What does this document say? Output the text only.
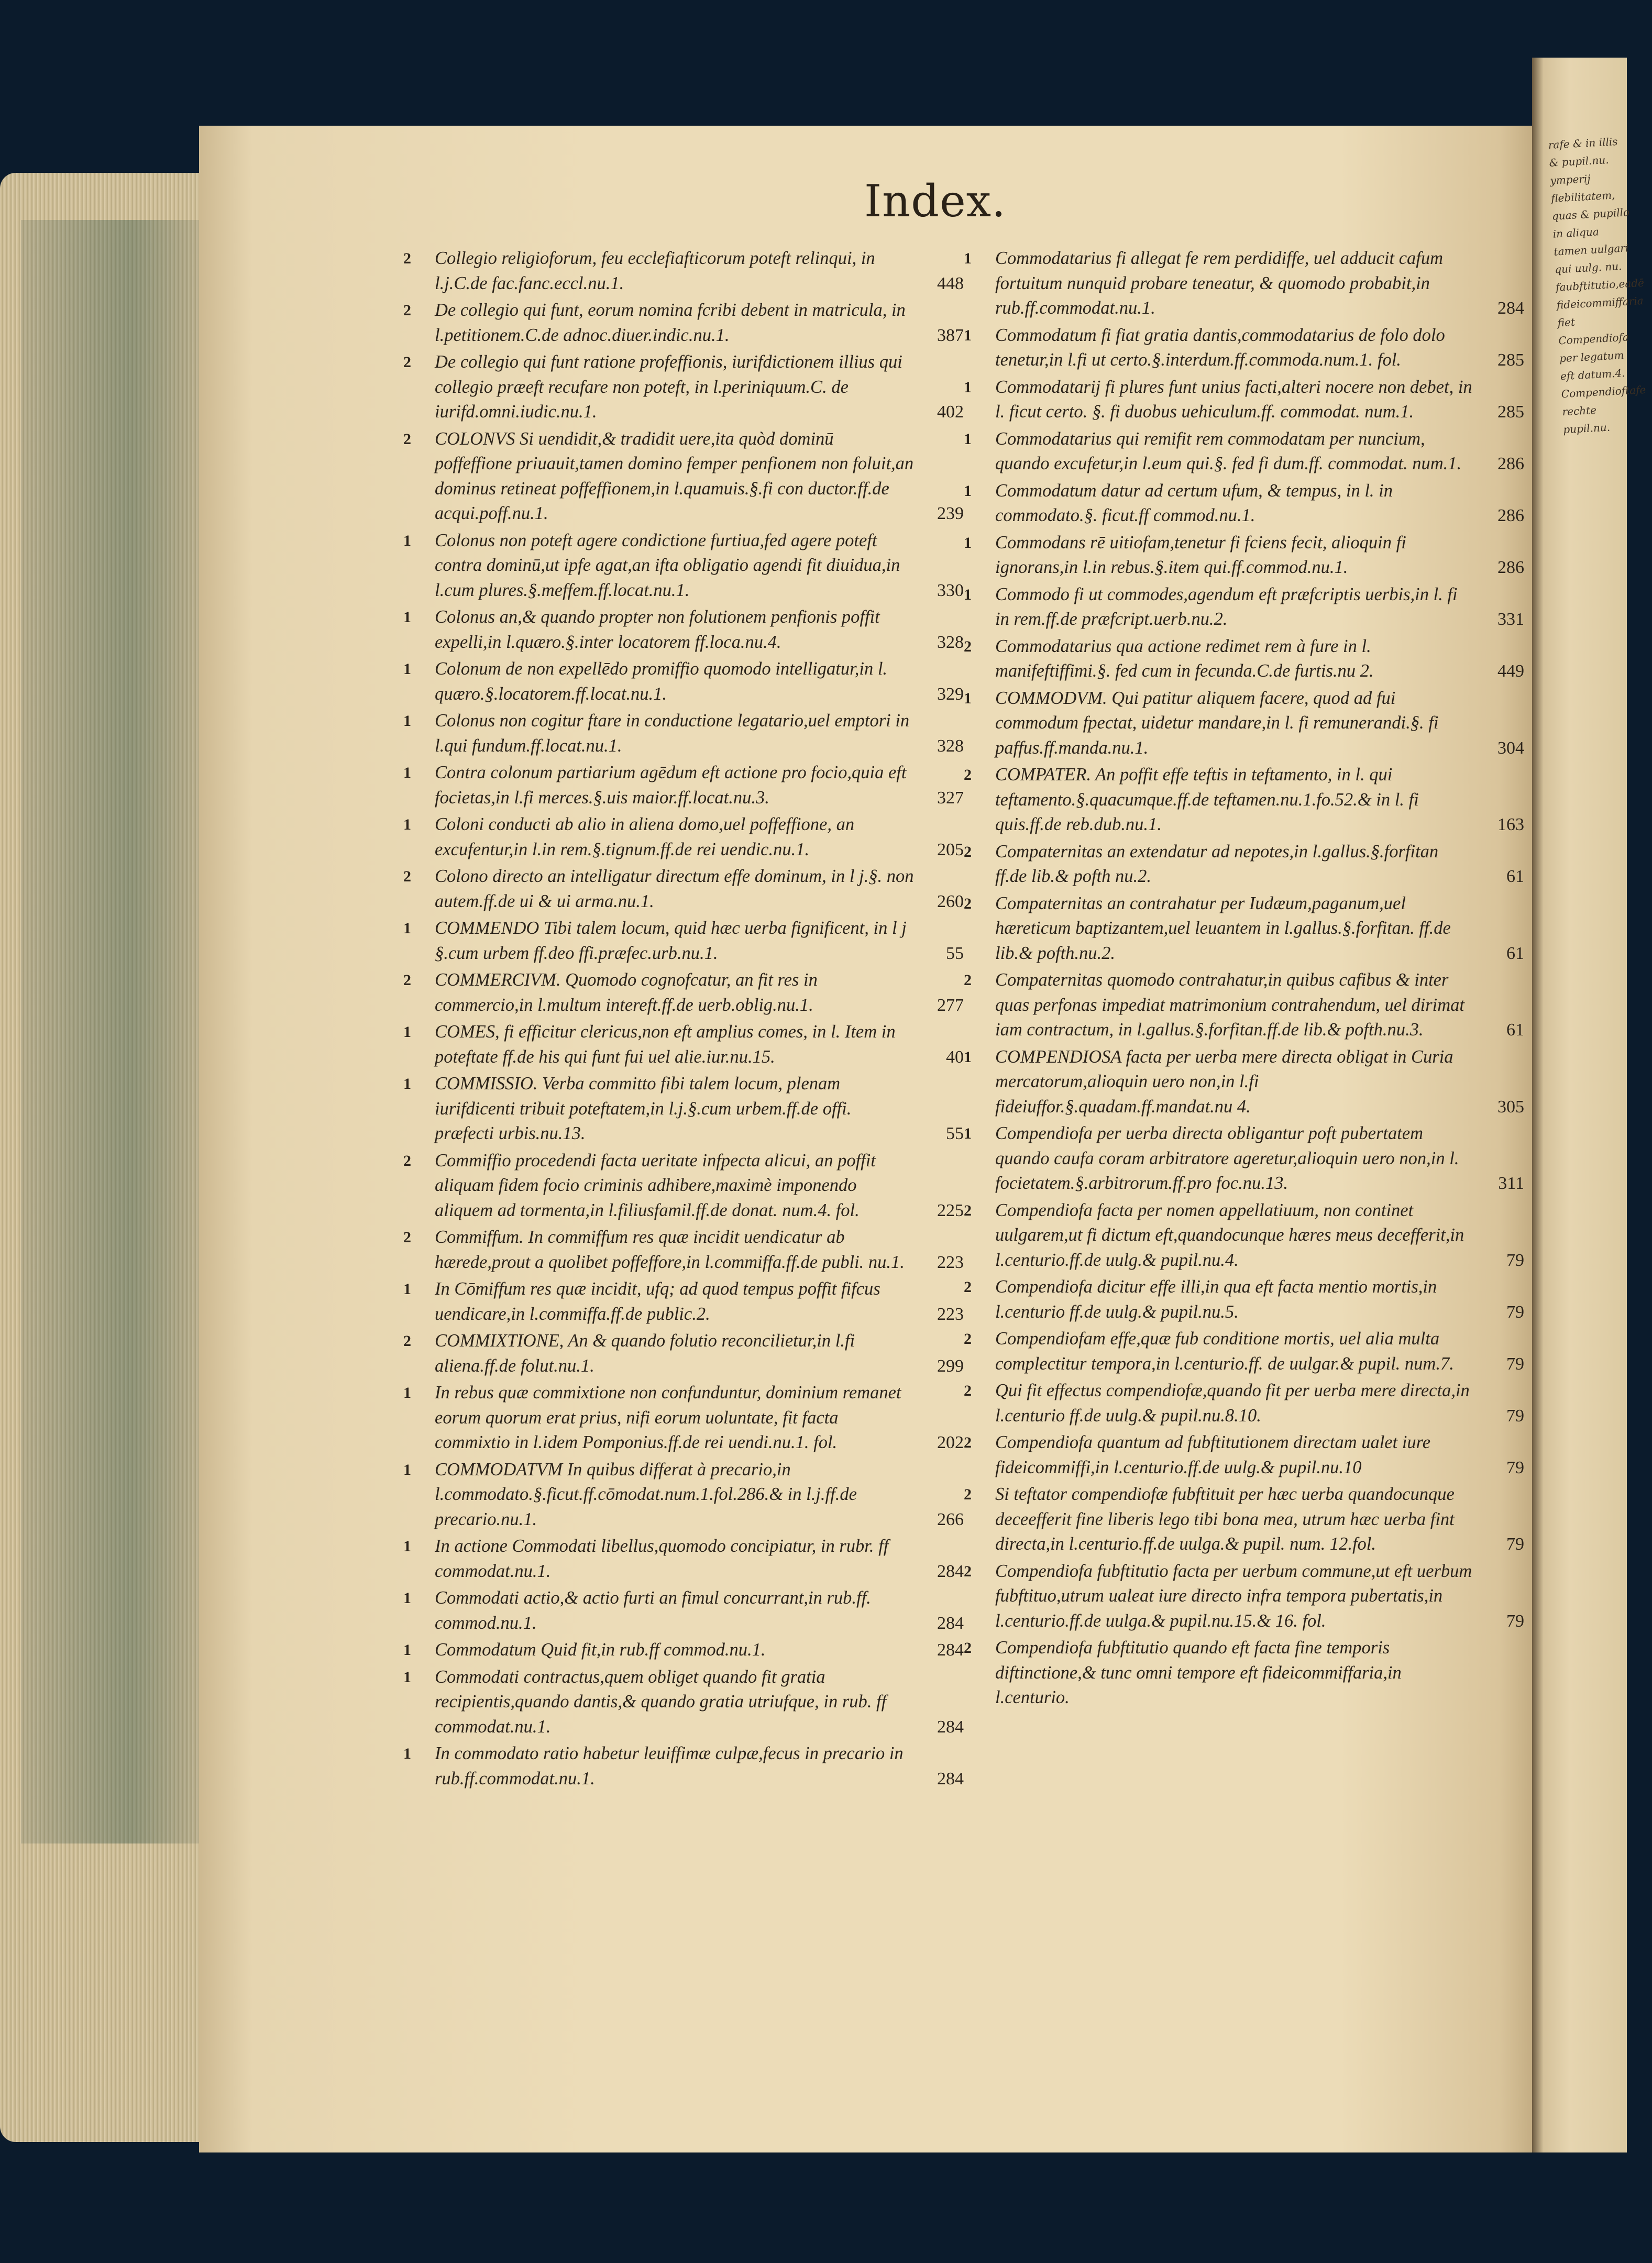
rafe & in illis & pupil.nu. ymperij flebilitatem, quas & pupillo in aliqua tamen uulgari qui uulg. nu. faubftitutio,eadē fideicommiffaria fiet Compendiofa per legatum eft datum.4. Compendioftafe rechte pupil.nu.
Index.
2 Collegio religioforum, feu ecclefiafticorum poteft relinqui, in l.j.C.de fac.fanc.eccl.nu.1.	448
2 De collegio qui funt, eorum nomina fcribi debent in matricula, in l.petitionem.C.de adnoc.diuer.indic.nu.1.	387
2 De collegio qui funt ratione profeffionis, iurifdictionem illius qui collegio præeft recufare non poteft, in l.periniquum.C. de iurifd.omni.iudic.nu.1.	402
2 COLONVS Si uendidit,& tradidit uere,ita quòd dominū poffeffione priuauit,tamen domino femper penfionem non foluit,an dominus retineat poffeffionem,in l.quamuis.§.fi con ductor.ff.de acqui.poff.nu.1.	239
1 Colonus non poteft agere condictione furtiua,fed agere poteft contra dominū,ut ipfe agat,an ifta obligatio agendi fit diuidua,in l.cum plures.§.meffem.ff.locat.nu.1.	330
1 Colonus an,& quando propter non folutionem penfionis poffit expelli,in l.quæro.§.inter locatorem ff.loca.nu.4.	328
1 Colonum de non expellēdo promiffio quomodo intelligatur,in l. quæro.§.locatorem.ff.locat.nu.1.	329
1 Colonus non cogitur ftare in conductione legatario,uel emptori in l.qui fundum.ff.locat.nu.1.	328
1 Contra colonum partiarium agēdum eft actione pro focio,quia eft focietas,in l.fi merces.§.uis maior.ff.locat.nu.3.	327
1 Coloni conducti ab alio in aliena domo,uel poffeffione, an excufentur,in l.in rem.§.tignum.ff.de rei uendic.nu.1.	205
2 Colono directo an intelligatur directum effe dominum, in l j.§. non autem.ff.de ui & ui arma.nu.1.	260
1 COMMENDO Tibi talem locum, quid hæc uerba fignificent, in l j §.cum urbem ff.deo ffi.præfec.urb.nu.1.	55
2 COMMERCIVM. Quomodo cognofcatur, an fit res in commercio,in l.multum intereft.ff.de uerb.oblig.nu.1.	277
1 COMES, fi efficitur clericus,non eft amplius comes, in l. Item in poteftate ff.de his qui funt fui uel alie.iur.nu.15.	40
1 COMMISSIO. Verba committo fibi talem locum, plenam iurifdicenti tribuit poteftatem,in l.j.§.cum urbem.ff.de offi. præfecti urbis.nu.13.	55
2 Commiffio procedendi facta ueritate infpecta alicui, an poffit aliquam fidem focio criminis adhibere,maximè imponendo aliquem ad tormenta,in l.filiusfamil.ff.de donat. num.4. fol.	225
2 Commiffum. In commiffum res quæ incidit uendicatur ab hærede,prout a quolibet poffeffore,in l.commiffa.ff.de publi. nu.1.	223
1 In Cōmiffum res quæ incidit, ufq; ad quod tempus poffit fifcus uendicare,in l.commiffa.ff.de public.2.	223
2 COMMIXTIONE, An & quando folutio reconcilietur,in l.fi aliena.ff.de folut.nu.1.	299
1 In rebus quæ commixtione non confunduntur, dominium remanet eorum quorum erat prius, nifi eorum uoluntate, fit facta commixtio in l.idem Pomponius.ff.de rei uendi.nu.1. fol.	202
1 COMMODATVM In quibus differat à precario,in l.commodato.§.ficut.ff.cōmodat.num.1.fol.286.& in l.j.ff.de precario.nu.1.	266
1 In actione Commodati libellus,quomodo concipiatur, in rubr. ff commodat.nu.1.	284
1 Commodati actio,& actio furti an fimul concurrant,in rub.ff. commod.nu.1.	284
1 Commodatum Quid fit,in rub.ff commod.nu.1.	284
1 Commodati contractus,quem obliget quando fit gratia recipientis,quando dantis,& quando gratia utriufque, in rub. ff commodat.nu.1.	284
1 In commodato ratio habetur leuiffimæ culpæ,fecus in precario in rub.ff.commodat.nu.1.	284
1 Commodatarius fi allegat fe rem perdidiffe, uel adducit cafum fortuitum nunquid probare teneatur, & quomodo probabit,in rub.ff.commodat.nu.1.	284
1 Commodatum fi fiat gratia dantis,commodatarius de folo dolo tenetur,in l.fi ut certo.§.interdum.ff.commoda.num.1. fol.	285
1 Commodatarij fi plures funt unius facti,alteri nocere non debet, in l. ficut certo. §. fi duobus uehiculum.ff. commodat. num.1.	285
1 Commodatarius qui remifit rem commodatam per nuncium, quando excufetur,in l.eum qui.§. fed fi dum.ff. commodat. num.1.	286
1 Commodatum datur ad certum ufum, & tempus, in l. in commodato.§. ficut.ff commod.nu.1.	286
1 Commodans rē uitiofam,tenetur fi fciens fecit, alioquin fi ignorans,in l.in rebus.§.item qui.ff.commod.nu.1.	286
1 Commodo fi ut commodes,agendum eft præfcriptis uerbis,in l. fi in rem.ff.de præfcript.uerb.nu.2.	331
2 Commodatarius qua actione redimet rem à fure in l. manifeftiffimi.§. fed cum in fecunda.C.de furtis.nu 2.	449
1 COMMODVM. Qui patitur aliquem facere, quod ad fui commodum fpectat, uidetur mandare,in l. fi remunerandi.§. fi paffus.ff.manda.nu.1.	304
2 COMPATER. An poffit effe teftis in teftamento, in l. qui teftamento.§.quacumque.ff.de teftamen.nu.1.fo.52.& in l. fi quis.ff.de reb.dub.nu.1.	163
2 Compaternitas an extendatur ad nepotes,in l.gallus.§.forfitan ff.de lib.& pofth nu.2.	61
2 Compaternitas an contrahatur per Iudæum,paganum,uel hæreticum baptizantem,uel leuantem in l.gallus.§.forfitan. ff.de lib.& pofth.nu.2.	61
2 Compaternitas quomodo contrahatur,in quibus cafibus & inter quas perfonas impediat matrimonium contrahendum, uel dirimat iam contractum, in l.gallus.§.forfitan.ff.de lib.& pofth.nu.3.	61
1 COMPENDIOSA facta per uerba mere directa obligat in Curia mercatorum,alioquin uero non,in l.fi fideiuffor.§.quadam.ff.mandat.nu 4.	305
1 Compendiofa per uerba directa obligantur poft pubertatem quando caufa coram arbitratore ageretur,alioquin uero non,in l. focietatem.§.arbitrorum.ff.pro foc.nu.13.	311
2 Compendiofa facta per nomen appellatiuum, non continet uulgarem,ut fi dictum eft,quandocunque hæres meus decefferit,in l.centurio.ff.de uulg.& pupil.nu.4.	79
2 Compendiofa dicitur effe illi,in qua eft facta mentio mortis,in l.centurio ff.de uulg.& pupil.nu.5.	79
2 Compendiofam effe,quæ fub conditione mortis, uel alia multa complectitur tempora,in l.centurio.ff. de uulgar.& pupil. num.7.	79
2 Qui fit effectus compendiofæ,quando fit per uerba mere directa,in l.centurio ff.de uulg.& pupil.nu.8.10.	79
2 Compendiofa quantum ad fubftitutionem directam ualet iure fideicommiffi,in l.centurio.ff.de uulg.& pupil.nu.10	79
2 Si teftator compendiofæ fubftituit per hæc uerba quandocunque deceefferit fine liberis lego tibi bona mea, utrum hæc uerba fint directa,in l.centurio.ff.de uulga.& pupil. num. 12.fol.	79
2 Compendiofa fubftitutio facta per uerbum commune,ut eft uerbum fubftituo,utrum ualeat iure directo infra tempora pubertatis,in l.centurio.ff.de uulga.& pupil.nu.15.& 16. fol.	79
2 Compendiofa fubftitutio quando eft facta fine temporis diftinctione,& tunc omni tempore eft fideicommiffaria,in l.centurio.
